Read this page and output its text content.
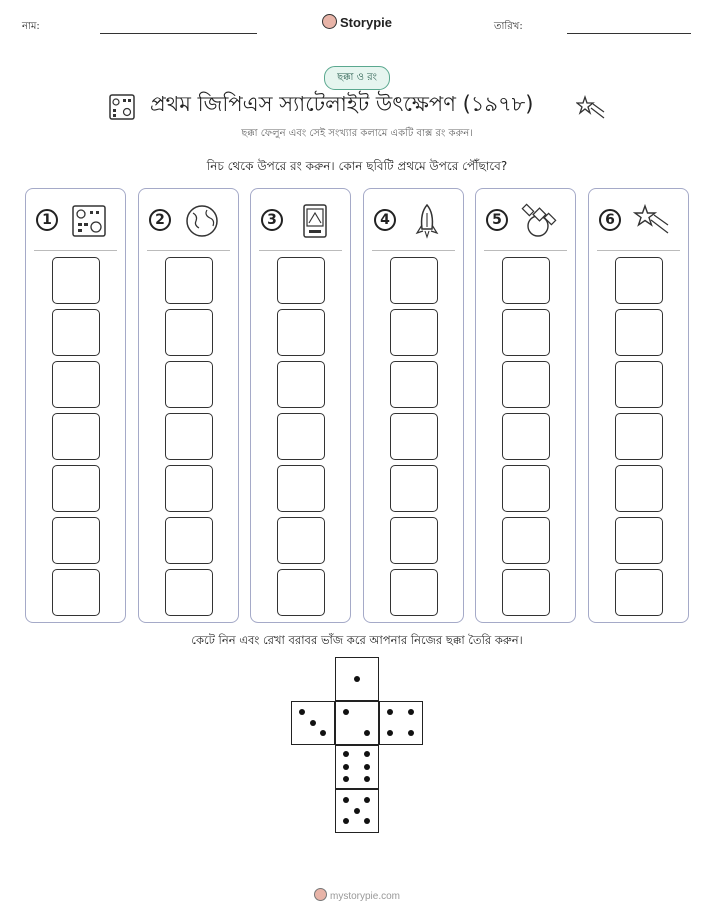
নাম:	Storypie	তারিখ:
ছক্কা ও রং
প্রথম জিপিএস স্যাটেলাইট উৎক্ষেপণ (১৯৭৮)
ছক্কা ফেলুন এবং সেই সংখ্যার কলামে একটি বাক্স রং করুন।
নিচ থেকে উপরে রং করুন। কোন ছবিটি প্রথমে উপরে পৌঁছাবে?
1	2	3	4	5	6
কেটে নিন এবং রেখা বরাবর ভাঁজ করে আপনার নিজের ছক্কা তৈরি করুন।
mystorypie.com
